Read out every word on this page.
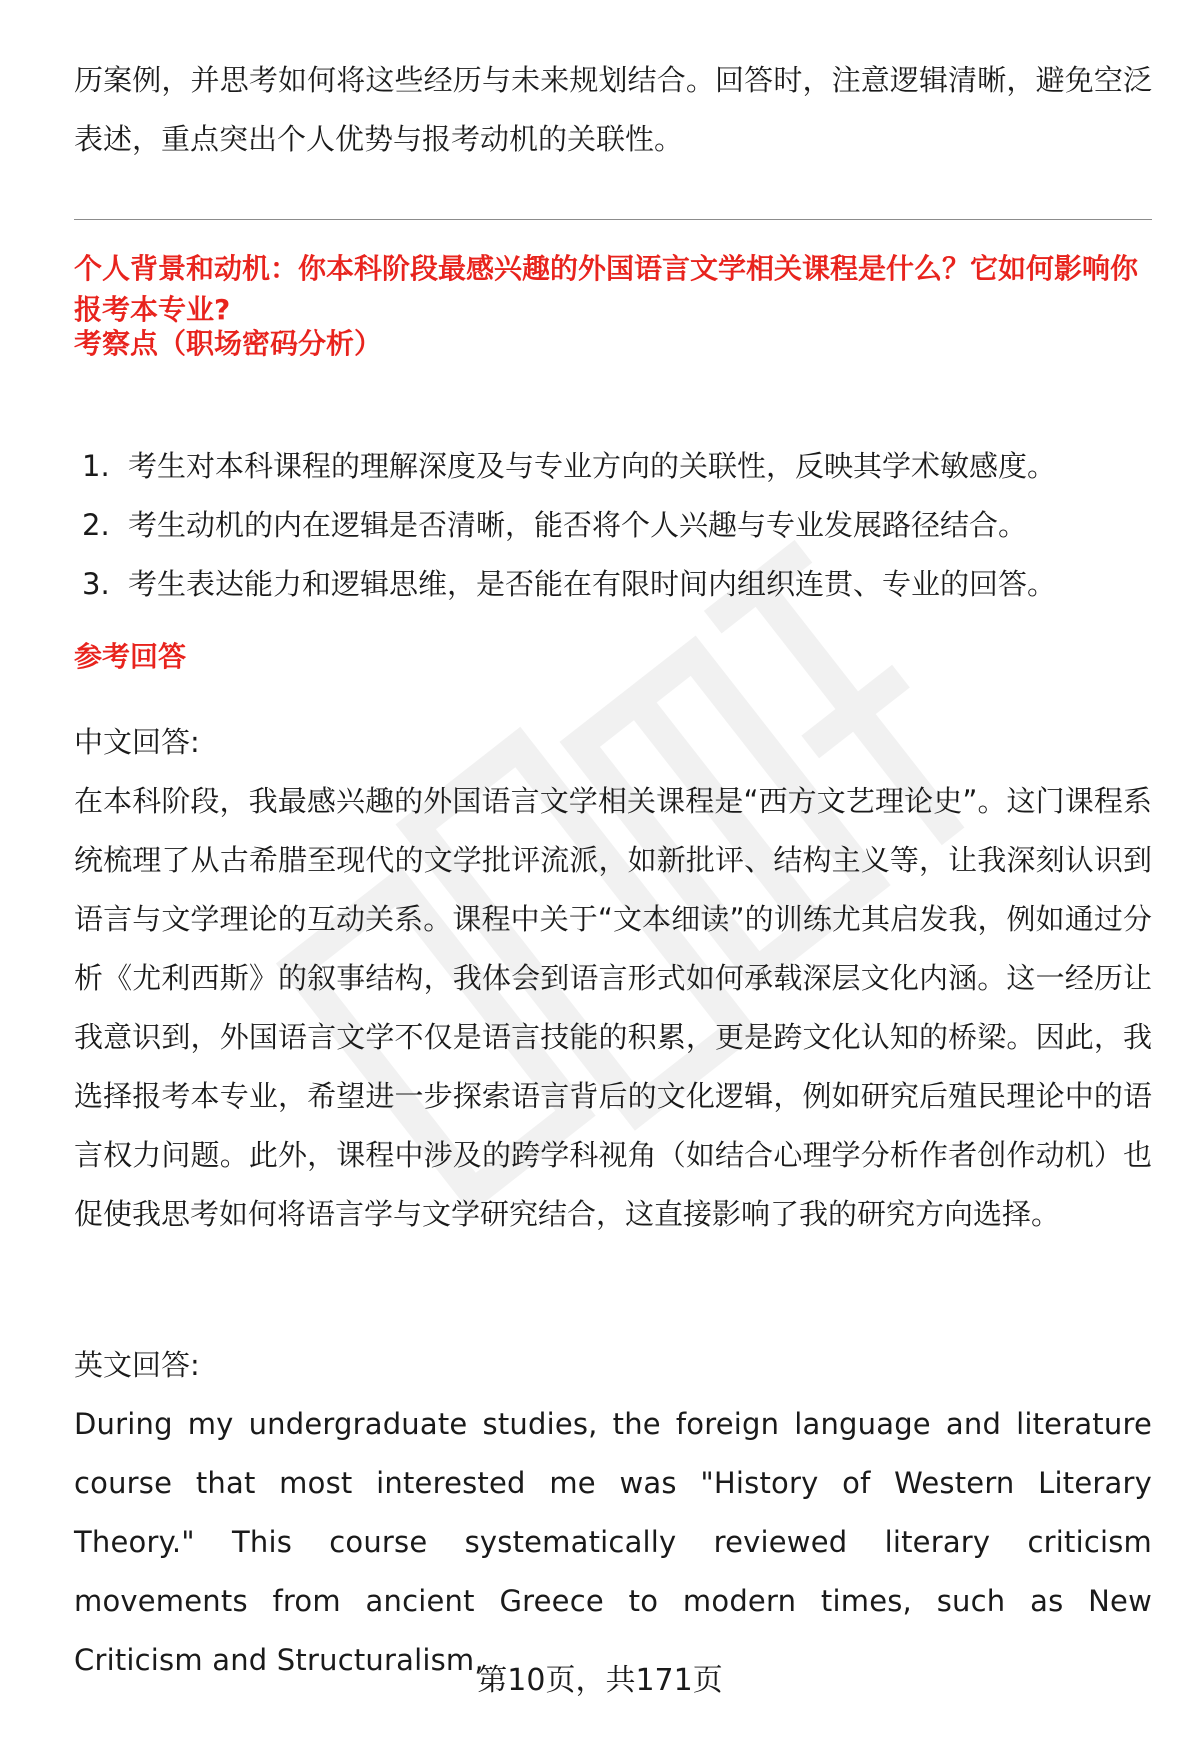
历案例，并思考如何将这些经历与未来规划结合。回答时，注意逻辑清晰，避免空泛表述，重点突出个人优势与报考动机的关联性。

个人背景和动机：你本科阶段最感兴趣的外国语言文学相关课程是什么？它如何影响你报考本专业?

考察点（职场密码分析）

1. 考生对本科课程的理解深度及与专业方向的关联性，反映其学术敏感度。
2. 考生动机的内在逻辑是否清晰，能否将个人兴趣与专业发展路径结合。
3. 考生表达能力和逻辑思维，是否能在有限时间内组织连贯、专业的回答。

参考回答

中文回答:

在本科阶段，我最感兴趣的外国语言文学相关课程是“西方文艺理论史”。这门课程系统梳理了从古希腊至现代的文学批评流派，如新批评、结构主义等，让我深刻认识到语言与文学理论的互动关系。课程中关于“文本细读”的训练尤其启发我，例如通过分析《尤利西斯》的叙事结构，我体会到语言形式如何承载深层文化内涵。这一经历让我意识到，外国语言文学不仅是语言技能的积累，更是跨文化认知的桥梁。因此，我选择报考本专业，希望进一步探索语言背后的文化逻辑，例如研究后殖民理论中的语言权力问题。此外，课程中涉及的跨学科视角（如结合心理学分析作者创作动机）也促使我思考如何将语言学与文学研究结合，这直接影响了我的研究方向选择。

英文回答:

During my undergraduate studies, the foreign language and literature course that most interested me was "History of Western Literary Theory." This course systematically reviewed literary criticism movements from ancient Greece to modern times, such as New Criticism and Structuralism,

第10页，共171页
